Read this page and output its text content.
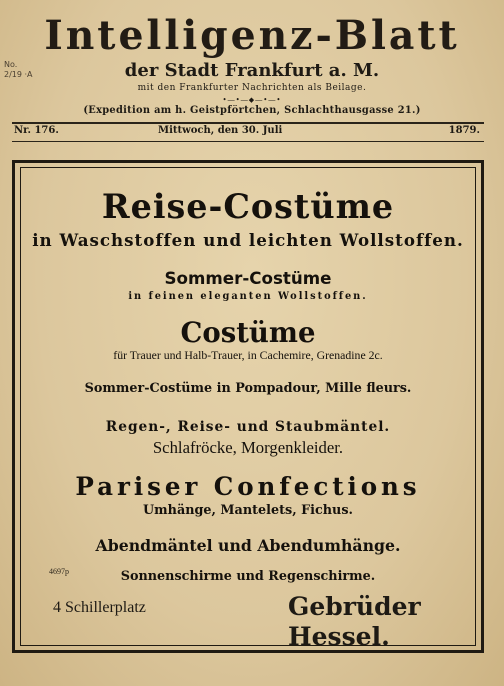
No.
2/19 ·A
Intelligenz-Blatt
der Stadt Frankfurt a. M.
mit den Frankfurter Nachrichten als Beilage.
•―•―◆―•―•
(Expedition am h. Geistpförtchen, Schlachthausgasse 21.)
Nr. 176.	Mittwoch, den 30. Juli	1879.
Reise-Costüme
in Waschstoffen und leichten Wollstoffen.
Sommer-Costüme
in feinen eleganten Wollstoffen.
Costüme
für Trauer und Halb-Trauer, in Cachemire, Grenadine 2c.
Sommer-Costüme in Pompadour, Mille fleurs.
Regen-, Reise- und Staubmäntel.
Schlafröcke, Morgenkleider.
Pariser Confections
Umhänge, Mantelets, Fichus.
Abendmäntel und Abendumhänge.
Sonnenschirme und Regenschirme.
4697p
4 Schillerplatz	Gebrüder Hessel.
